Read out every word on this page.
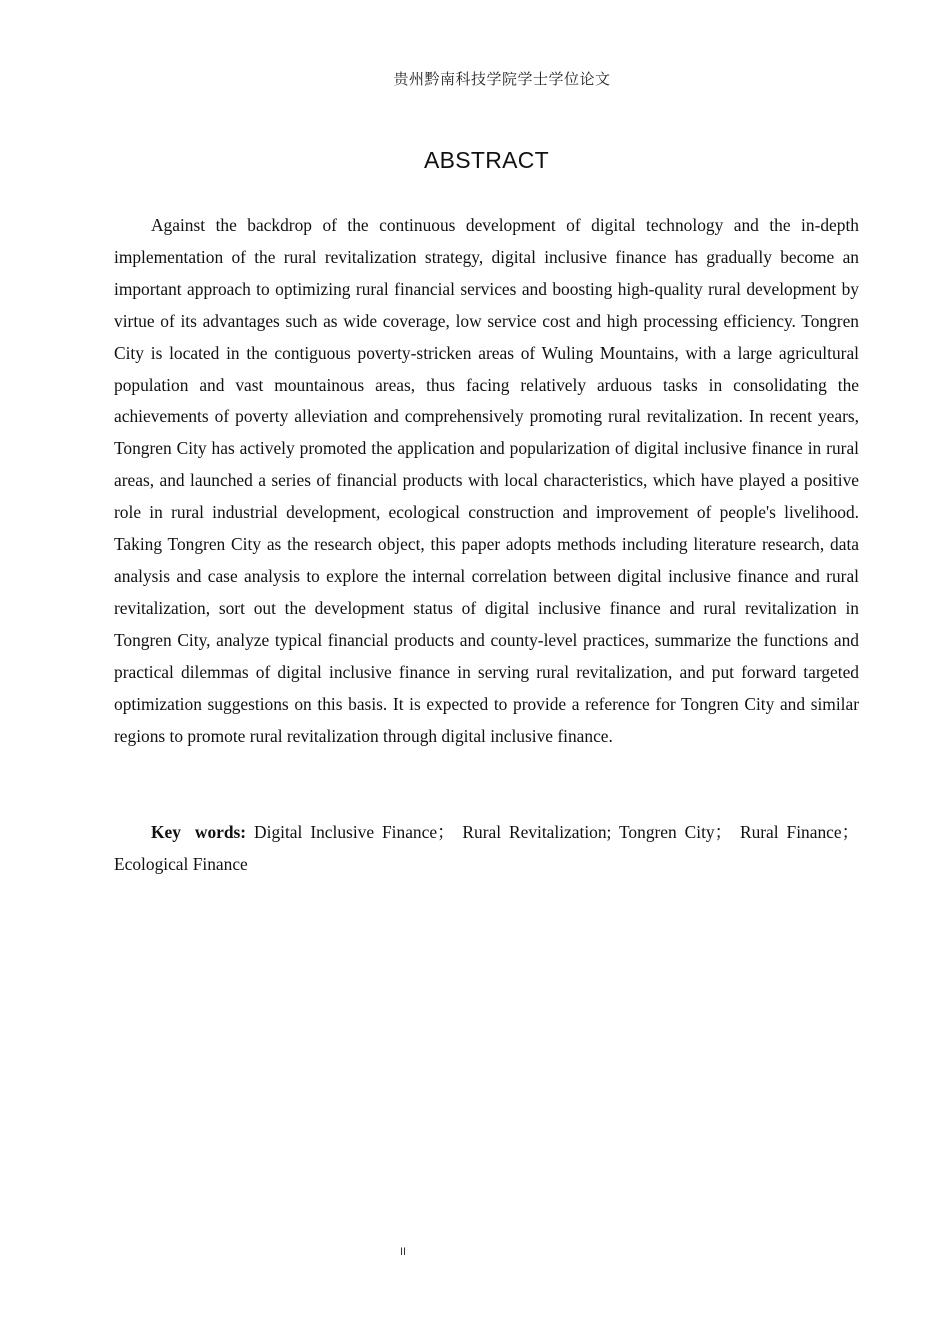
贵州黔南科技学院学士学位论文
ABSTRACT

Against the backdrop of the continuous development of digital technology and the in-depth implementation of the rural revitalization strategy, digital inclusive finance has gradually become an important approach to optimizing rural financial services and boosting high-quality rural development by virtue of its advantages such as wide coverage, low service cost and high processing efficiency. Tongren City is located in the contiguous poverty-stricken areas of Wuling Mountains, with a large agricultural population and vast mountainous areas, thus facing relatively arduous tasks in consolidating the achievements of poverty alleviation and comprehensively promoting rural revitalization. In recent years, Tongren City has actively promoted the application and popularization of digital inclusive finance in rural areas, and launched a series of financial products with local characteristics, which have played a positive role in rural industrial development, ecological construction and improvement of people's livelihood. Taking Tongren City as the research object, this paper adopts methods including literature research, data analysis and case analysis to explore the internal correlation between digital inclusive finance and rural revitalization, sort out the development status of digital inclusive finance and rural revitalization in Tongren City, analyze typical financial products and county-level practices, summarize the functions and practical dilemmas of digital inclusive finance in serving rural revitalization, and put forward targeted optimization suggestions on this basis. It is expected to provide a reference for Tongren City and similar regions to promote rural revitalization through digital inclusive finance.

Key words: Digital Inclusive Finance； Rural Revitalization; Tongren City； Rural Finance；Ecological Finance

II
